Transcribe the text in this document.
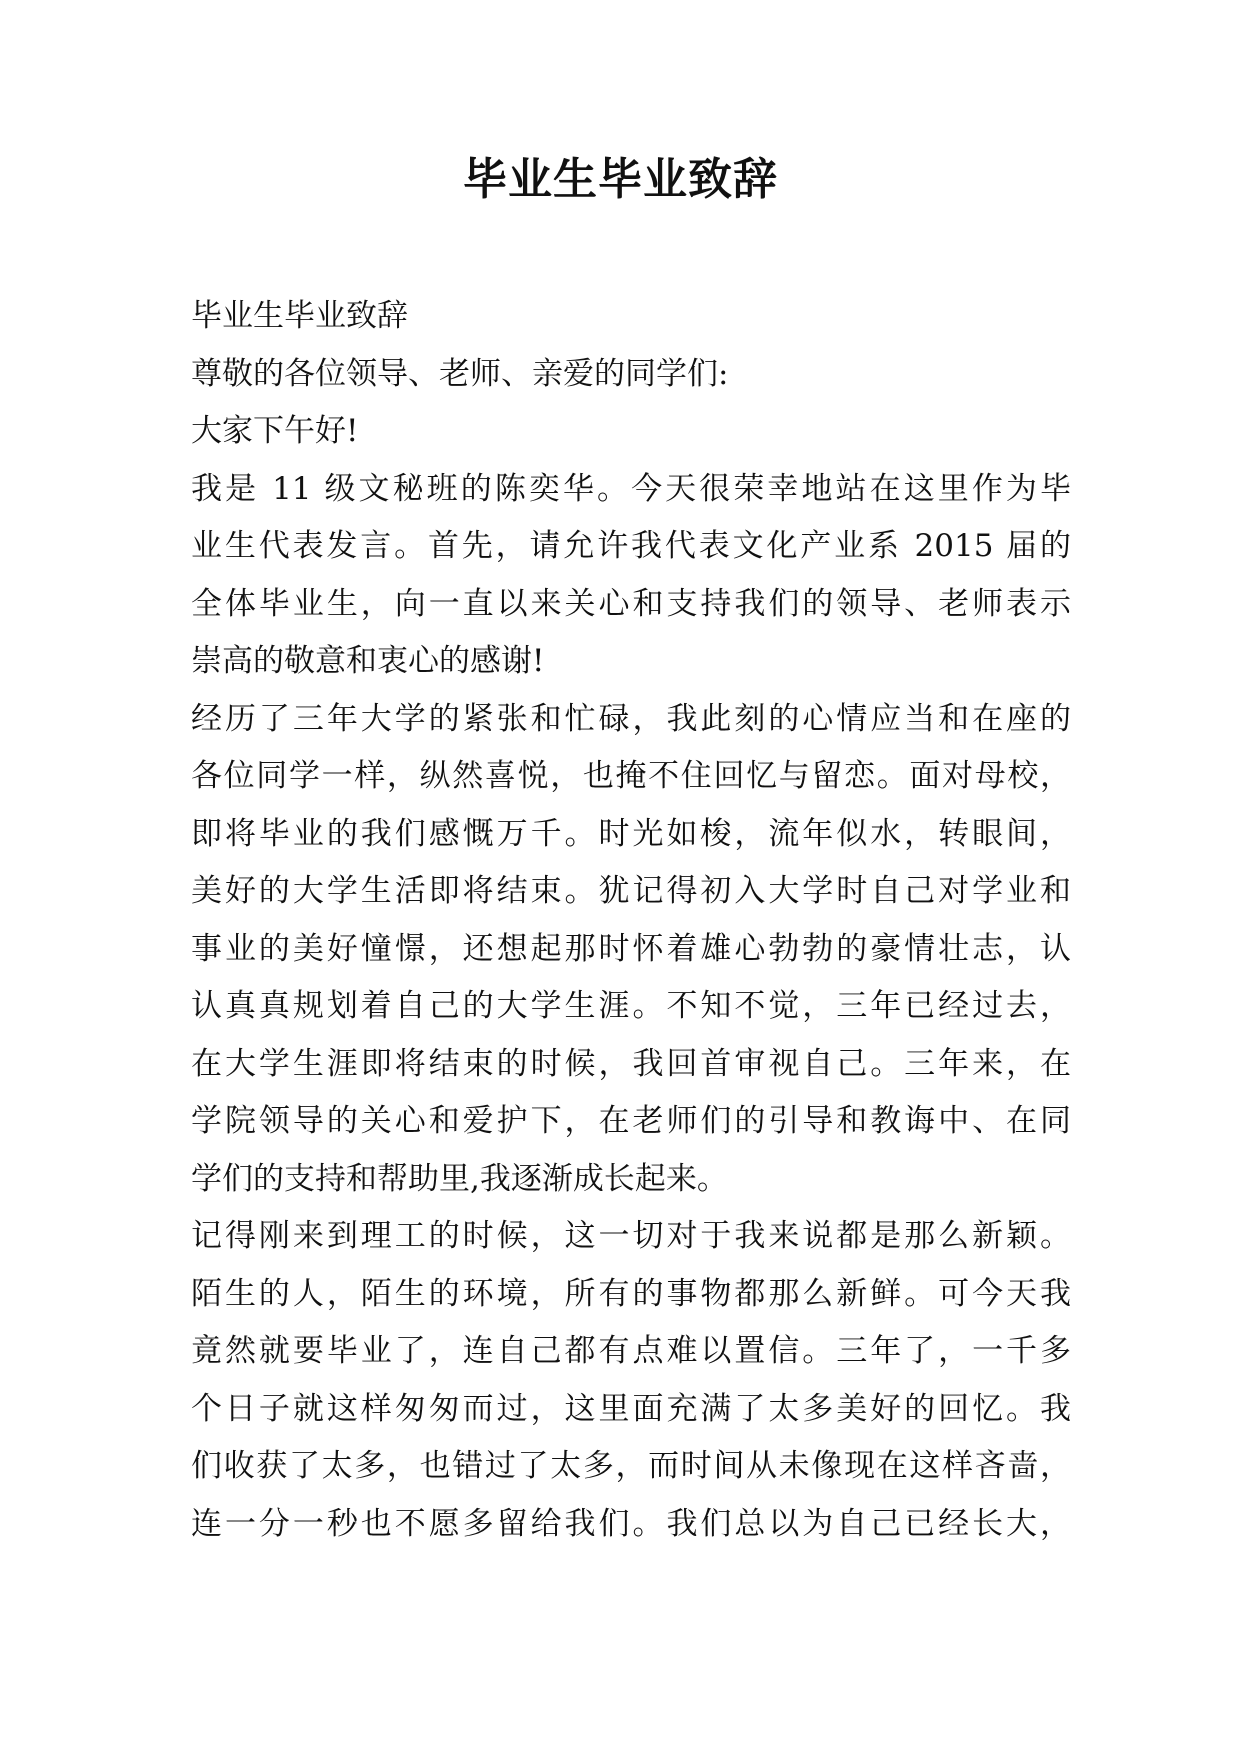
毕业生毕业致辞
毕业生毕业致辞
尊敬的各位领导、老师、亲爱的同学们:
大家下午好!
我是 11 级文秘班的陈奕华。今天很荣幸地站在这里作为毕
业生代表发言。首先，请允许我代表文化产业系 2015 届的
全体毕业生，向一直以来关心和支持我们的领导、老师表示
崇高的敬意和衷心的感谢!
经历了三年大学的紧张和忙碌，我此刻的心情应当和在座的
各位同学一样，纵然喜悦，也掩不住回忆与留恋。面对母校，
即将毕业的我们感慨万千。时光如梭，流年似水，转眼间，
美好的大学生活即将结束。犹记得初入大学时自己对学业和
事业的美好憧憬，还想起那时怀着雄心勃勃的豪情壮志，认
认真真规划着自己的大学生涯。不知不觉，三年已经过去，
在大学生涯即将结束的时候，我回首审视自己。三年来，在
学院领导的关心和爱护下，在老师们的引导和教诲中、在同
学们的支持和帮助里,我逐渐成长起来。
记得刚来到理工的时候，这一切对于我来说都是那么新颖。
陌生的人，陌生的环境，所有的事物都那么新鲜。可今天我
竟然就要毕业了，连自己都有点难以置信。三年了，一千多
个日子就这样匆匆而过，这里面充满了太多美好的回忆。我
们收获了太多，也错过了太多，而时间从未像现在这样吝啬，
连一分一秒也不愿多留给我们。我们总以为自己已经长大，
